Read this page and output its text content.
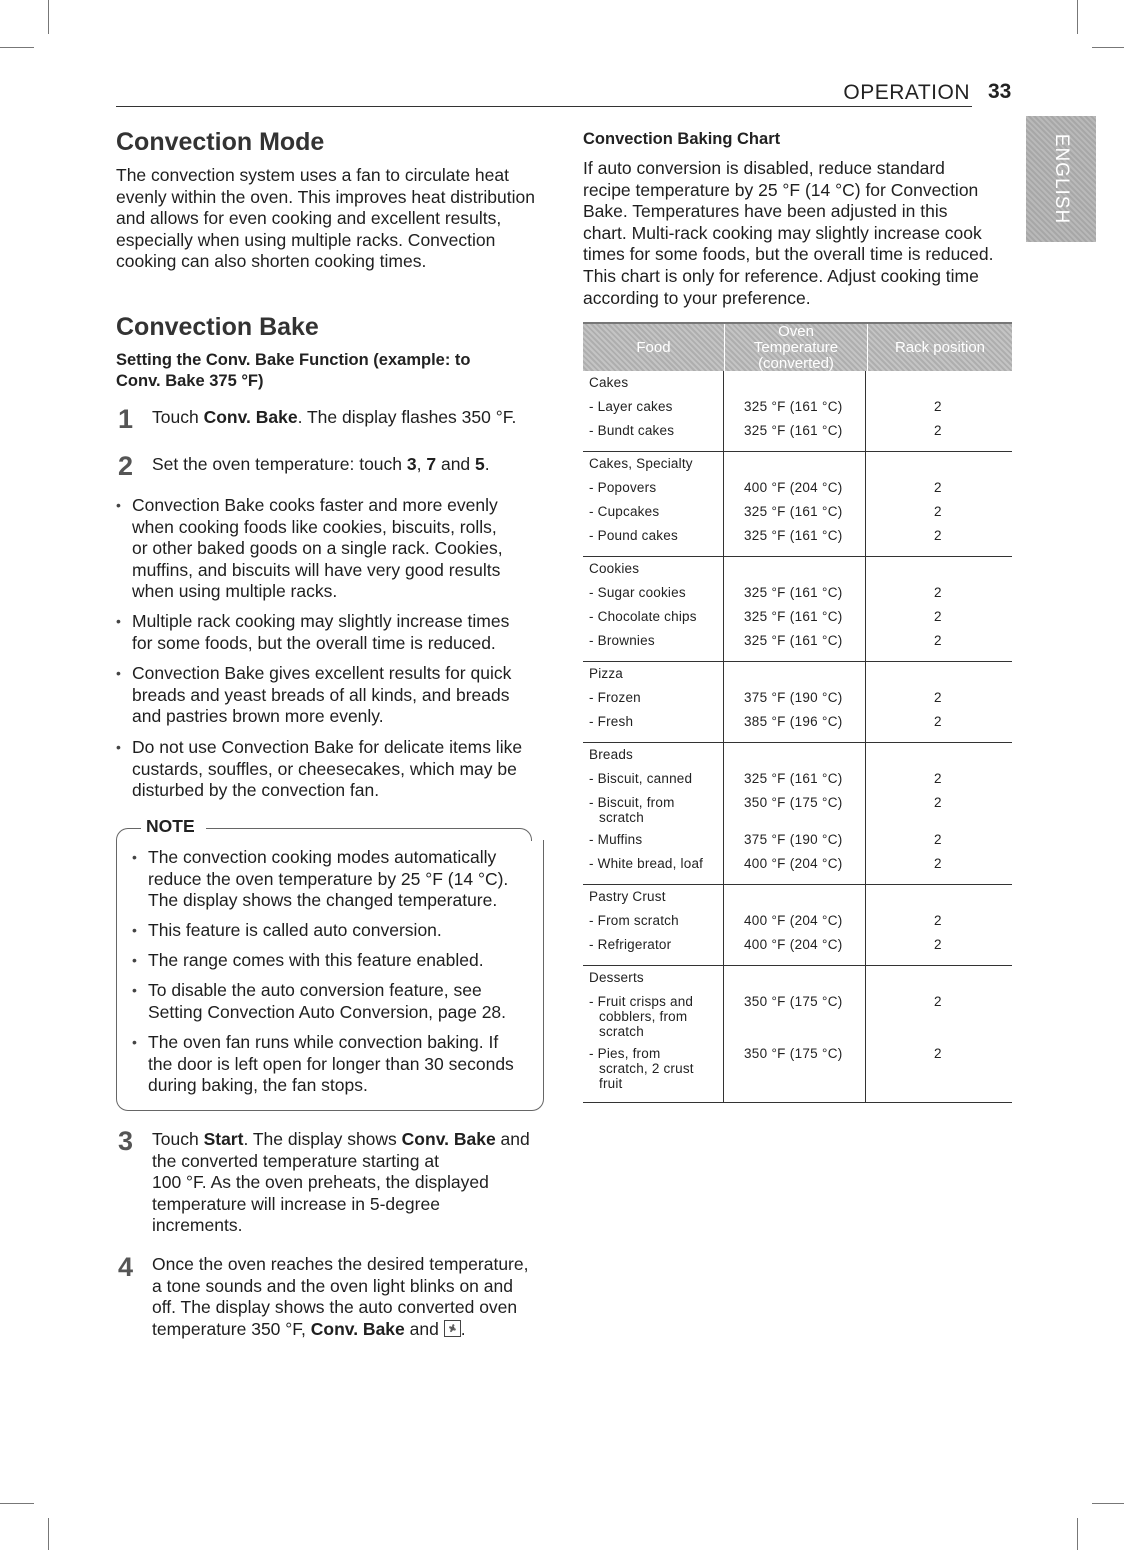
OPERATION 33
ENGLISH
Convection Mode
The convection system uses a fan to circulate heat
evenly within the oven. This improves heat distribution
and allows for even cooking and excellent results,
especially when using multiple racks. Convection
cooking can also shorten cooking times.
Convection Bake
Setting the Conv. Bake Function (example: to
Conv. Bake 375 °F)
1 Touch Conv. Bake. The display flashes 350 °F.
2 Set the oven temperature: touch 3, 7 and 5.
• Convection Bake cooks faster and more evenly
when cooking foods like cookies, biscuits, rolls,
or other baked goods on a single rack. Cookies,
muffins, and biscuits will have very good results
when using multiple racks.
• Multiple rack cooking may slightly increase times
for some foods, but the overall time is reduced.
• Convection Bake gives excellent results for quick
breads and yeast breads of all kinds, and breads
and pastries brown more evenly.
• Do not use Convection Bake for delicate items like
custards, souffles, or cheesecakes, which may be
disturbed by the convection fan.
NOTE
• The convection cooking modes automatically
reduce the oven temperature by 25 °F (14 °C).
The display shows the changed temperature.
• This feature is called auto conversion.
• The range comes with this feature enabled.
• To disable the auto conversion feature, see
Setting Convection Auto Conversion, page 28.
• The oven fan runs while convection baking. If
the door is left open for longer than 30 seconds
during baking, the fan stops.
3 Touch Start. The display shows Conv. Bake and
the converted temperature starting at
100 °F. As the oven preheats, the displayed
temperature will increase in 5-degree
increments.
4 Once the oven reaches the desired temperature,
a tone sounds and the oven light blinks on and
off. The display shows the auto converted oven
temperature 350 °F, Conv. Bake and .
Convection Baking Chart
If auto conversion is disabled, reduce standard
recipe temperature by 25 °F (14 °C) for Convection
Bake. Temperatures have been adjusted in this
chart. Multi-rack cooking may slightly increase cook
times for some foods, but the overall time is reduced.
This chart is only for reference. Adjust cooking time
according to your preference.
Food
Oven Temperature (converted)
Rack position
Cakes
- Layer cakes
- Bundt cakes
325 °F (161 °C)
325 °F (161 °C)
2
2
Cakes, Specialty
- Popovers
- Cupcakes
- Pound cakes
400 °F (204 °C)
325 °F (161 °C)
325 °F (161 °C)
2
2
2
Cookies
- Sugar cookies
- Chocolate chips
- Brownies
325 °F (161 °C)
325 °F (161 °C)
325 °F (161 °C)
2
2
2
Pizza
- Frozen
- Fresh
375 °F (190 °C)
385 °F (196 °C)
2
2
Breads
- Biscuit, canned
- Biscuit, from
scratch
- Muffins
- White bread, loaf
325 °F (161 °C)
350 °F (175 °C)
375 °F (190 °C)
400 °F (204 °C)
2
2
2
2
Pastry Crust
- From scratch
- Refrigerator
400 °F (204 °C)
400 °F (204 °C)
2
2
Desserts
- Fruit crisps and
cobblers, from
scratch
- Pies, from
scratch, 2 crust
fruit
350 °F (175 °C)
350 °F (175 °C)
2
2
